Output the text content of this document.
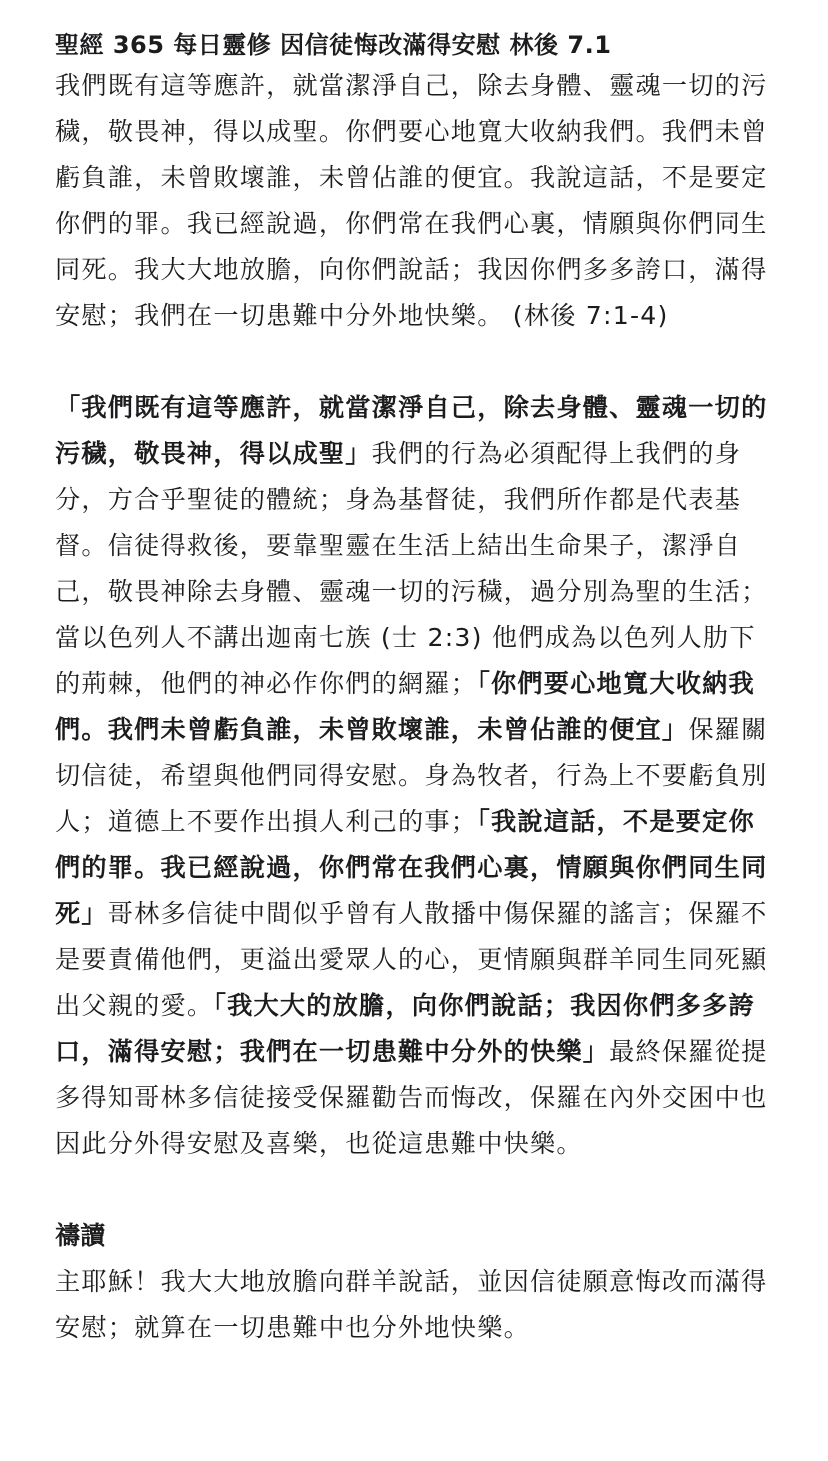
聖經 365 每日靈修 因信徒悔改滿得安慰 林後 7.1

我們既有這等應許，就當潔淨自己，除去身體、靈魂一切的污穢，敬畏神，得以成聖。你們要心地寬大收納我們。我們未曾虧負誰，未曾敗壞誰，未曾佔誰的便宜。我說這話，不是要定你們的罪。我已經說過，你們常在我們心裏，情願與你們同生同死。我大大地放膽，向你們說話；我因你們多多誇口，滿得安慰；我們在一切患難中分外地快樂。 (林後 7:1-4)

「我們既有這等應許，就當潔淨自己，除去身體、靈魂一切的污穢，敬畏神，得以成聖」我們的行為必須配得上我們的身分，方合乎聖徒的體統；身為基督徒，我們所作都是代表基督。信徒得救後，要靠聖靈在生活上結出生命果子，潔淨自己，敬畏神除去身體、靈魂一切的污穢，過分別為聖的生活；當以色列人不講出迦南七族 (士 2:3) 他們成為以色列人肋下的荊棘，他們的神必作你們的網羅；「你們要心地寬大收納我們。我們未曾虧負誰，未曾敗壞誰，未曾佔誰的便宜」保羅關切信徒，希望與他們同得安慰。身為牧者，行為上不要虧負別人；道德上不要作出損人利己的事；「我說這話，不是要定你們的罪。我已經說過，你們常在我們心裏，情願與你們同生同死」哥林多信徒中間似乎曾有人散播中傷保羅的謠言；保羅不是要責備他們，更溢出愛眾人的心，更情願與群羊同生同死顯出父親的愛。「我大大的放膽，向你們說話；我因你們多多誇口，滿得安慰；我們在一切患難中分外的快樂」最終保羅從提多得知哥林多信徒接受保羅勸告而悔改，保羅在內外交困中也因此分外得安慰及喜樂，也從這患難中快樂。

禱讀

主耶穌！我大大地放膽向群羊說話，並因信徒願意悔改而滿得安慰；就算在一切患難中也分外地快樂。
